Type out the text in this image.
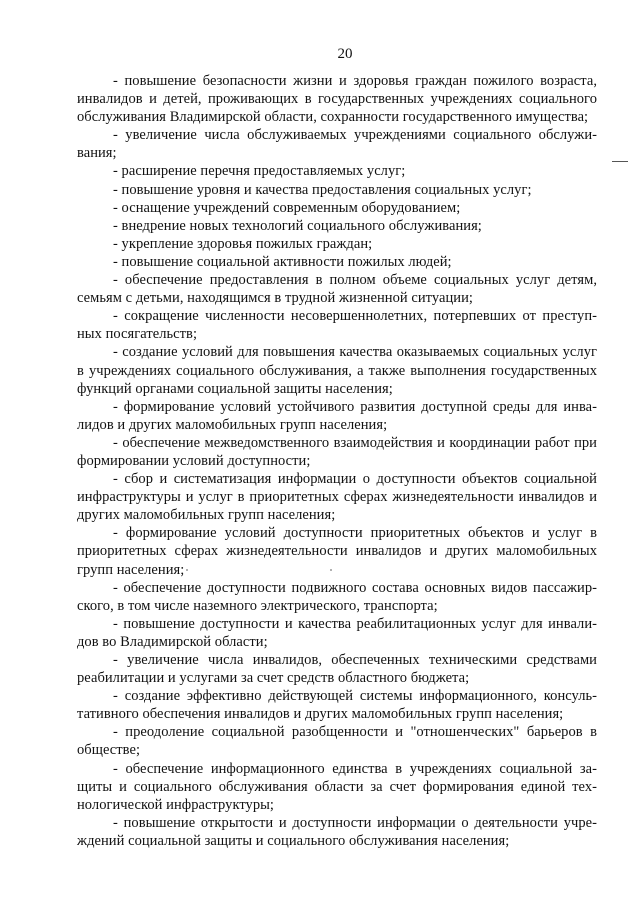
20

- повышение безопасности жизни и здоровья граждан пожилого возраста, инвалидов и детей, проживающих в государственных учреждениях социального обслуживания Владимирской области, сохранности государственного имущества;

- увеличение числа обслуживаемых учреждениями социального обслуживания;

- расширение перечня предоставляемых услуг;

- повышение уровня и качества предоставления социальных услуг;

- оснащение учреждений современным оборудованием;

- внедрение новых технологий социального обслуживания;

- укрепление здоровья пожилых граждан;

- повышение социальной активности пожилых людей;

- обеспечение предоставления в полном объеме социальных услуг детям, семьям с детьми, находящимся в трудной жизненной ситуации;

- сокращение численности несовершеннолетних, потерпевших от преступных посягательств;

- создание условий для повышения качества оказываемых социальных услуг в учреждениях социального обслуживания, а также выполнения государственных функций органами социальной защиты населения;

- формирование условий устойчивого развития доступной среды для инвалидов и других маломобильных групп населения;

- обеспечение межведомственного взаимодействия и координации работ при формировании условий доступности;

- сбор и систематизация информации о доступности объектов социальной инфраструктуры и услуг в приоритетных сферах жизнедеятельности инвалидов и других маломобильных групп населения;

- формирование условий доступности приоритетных объектов и услуг в приоритетных сферах жизнедеятельности инвалидов и других маломобильных групп населения;

- обеспечение доступности подвижного состава основных видов пассажирского, в том числе наземного электрического, транспорта;

- повышение доступности и качества реабилитационных услуг для инвалидов во Владимирской области;

- увеличение числа инвалидов, обеспеченных техническими средствами реабилитации и услугами за счет средств областного бюджета;

- создание эффективно действующей системы информационного, консультативного обеспечения инвалидов и других маломобильных групп населения;

- преодоление социальной разобщенности и "отношенческих" барьеров в обществе;

- обеспечение информационного единства в учреждениях социальной защиты и социального обслуживания области за счет формирования единой технологической инфраструктуры;

- повышение открытости и доступности информации о деятельности учреждений социальной защиты и социального обслуживания населения;
